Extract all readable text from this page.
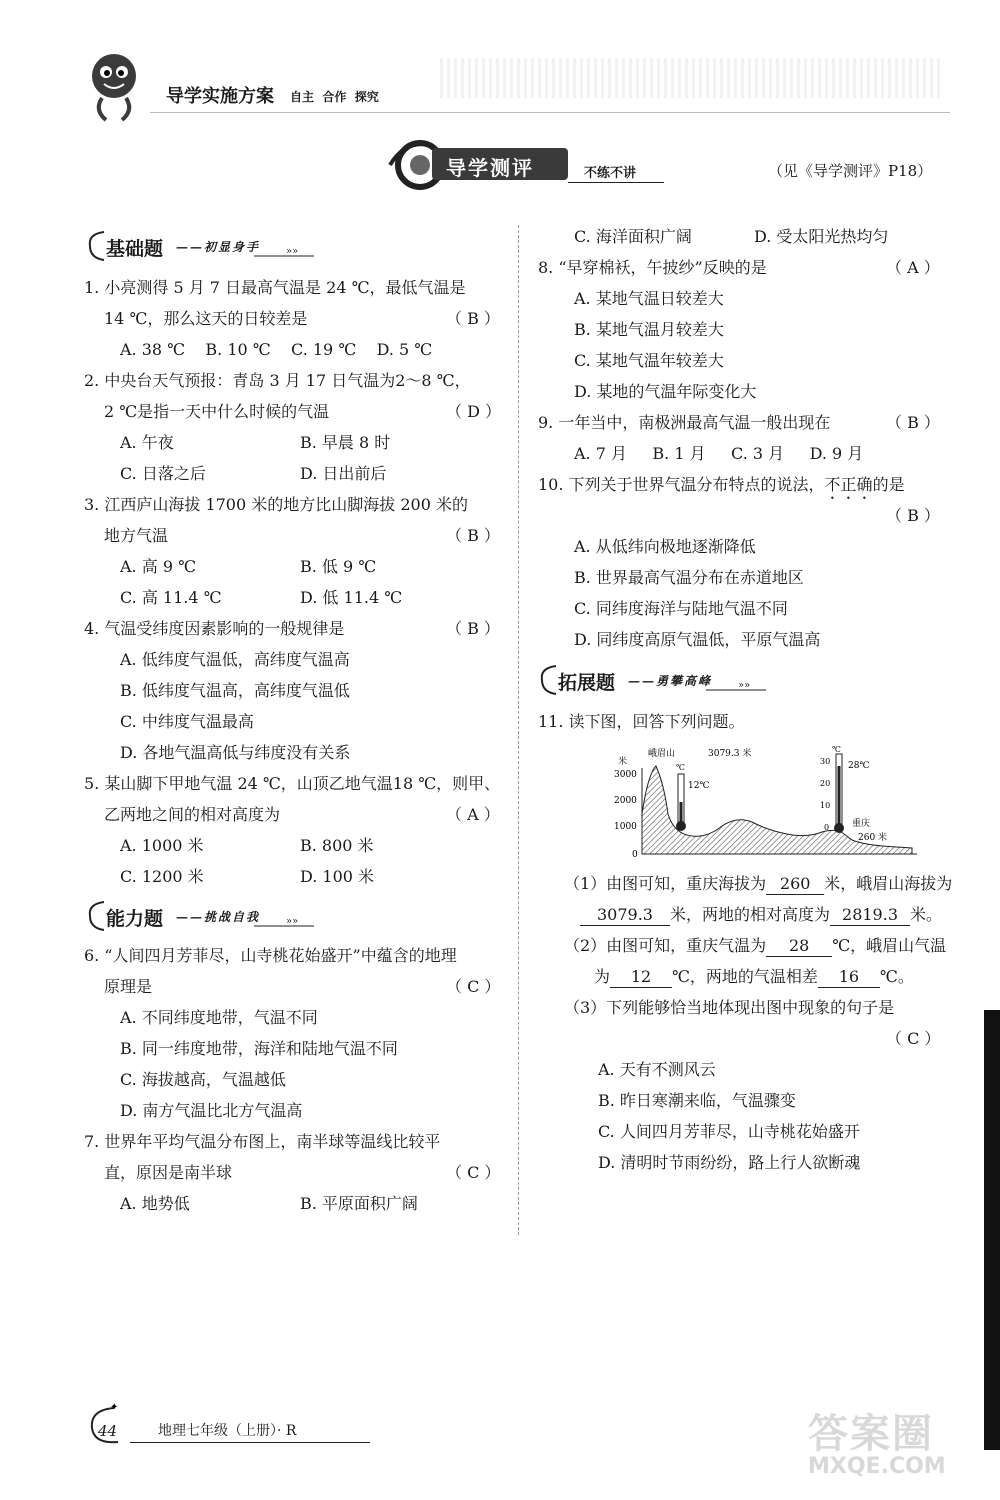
导学实施方案 自主  合作  探究
导学测评	不练不讲	（见《导学测评》P18）
»»
基础题 ——初显身手
1. 小亮测得 5 月 7 日最高气温是 24 ℃，最低气温是
14 ℃，那么这天的日较差是	（ B ）
A. 38 ℃    B. 10 ℃    C. 19 ℃    D. 5 ℃
2. 中央台天气预报：青岛 3 月 17 日气温为2～8 ℃，
2 ℃是指一天中什么时候的气温	（ D ）
A. 午夜	B. 早晨 8 时
C. 日落之后	D. 日出前后
3. 江西庐山海拔 1700 米的地方比山脚海拔 200 米的
地方气温	（ B ）
A. 高 9 ℃	B. 低 9 ℃
C. 高 11.4 ℃	D. 低 11.4 ℃
4. 气温受纬度因素影响的一般规律是	（ B ）
A. 低纬度气温低，高纬度气温高
B. 低纬度气温高，高纬度气温低
C. 中纬度气温最高
D. 各地气温高低与纬度没有关系
5. 某山脚下甲地气温 24 ℃，山顶乙地气温18 ℃，则甲、
乙两地之间的相对高度为	（ A ）
A. 1000 米	B. 800 米
C. 1200 米	D. 100 米
»»
能力题 ——挑战自我
6. “人间四月芳菲尽，山寺桃花始盛开”中蕴含的地理
原理是	（ C ）
A. 不同纬度地带，气温不同
B. 同一纬度地带，海洋和陆地气温不同
C. 海拔越高，气温越低
D. 南方气温比北方气温高
7. 世界年平均气温分布图上，南半球等温线比较平
直，原因是南半球	（ C ）
A. 地势低	B. 平原面积广阔
C. 海洋面积广阔	D. 受太阳光热均匀
8. “早穿棉袄，午披纱”反映的是	（ A ）
A. 某地气温日较差大
B. 某地气温月较差大
C. 某地气温年较差大
D. 某地的气温年际变化大
9. 一年当中，南极洲最高气温一般出现在	（ B ）
A. 7 月     B. 1 月     C. 3 月     D. 9 月
10. 下列关于世界气温分布特点的说法，不正确的是
（ B ）
A. 从低纬向极地逐渐降低
B. 世界最高气温分布在赤道地区
C. 同纬度海洋与陆地气温不同
D. 同纬度高原气温低，平原气温高
»»
拓展题 ——勇攀高峰
11. 读下图，回答下列问题。
米
3000
2000
1000
0
峨眉山	3079.3 米
℃
12℃
℃
30
20
10
0
28℃
重庆
260 米
（1）由图可知，重庆海拔为 260 米，峨眉山海拔为
3079.3 米，两地的相对高度为 2819.3 米。
（2）由图可知，重庆气温为 28 ℃，峨眉山气温
为 12 ℃，两地的气温相差 16 ℃。
（3）下列能够恰当地体现出图中现象的句子是
（ C ）
A. 天有不测风云
B. 昨日寒潮来临，气温骤变
C. 人间四月芳菲尽，山寺桃花始盛开
D. 清明时节雨纷纷，路上行人欲断魂
✦
44	地理七年级（上册）· R	答案圈
MXQE.COM
